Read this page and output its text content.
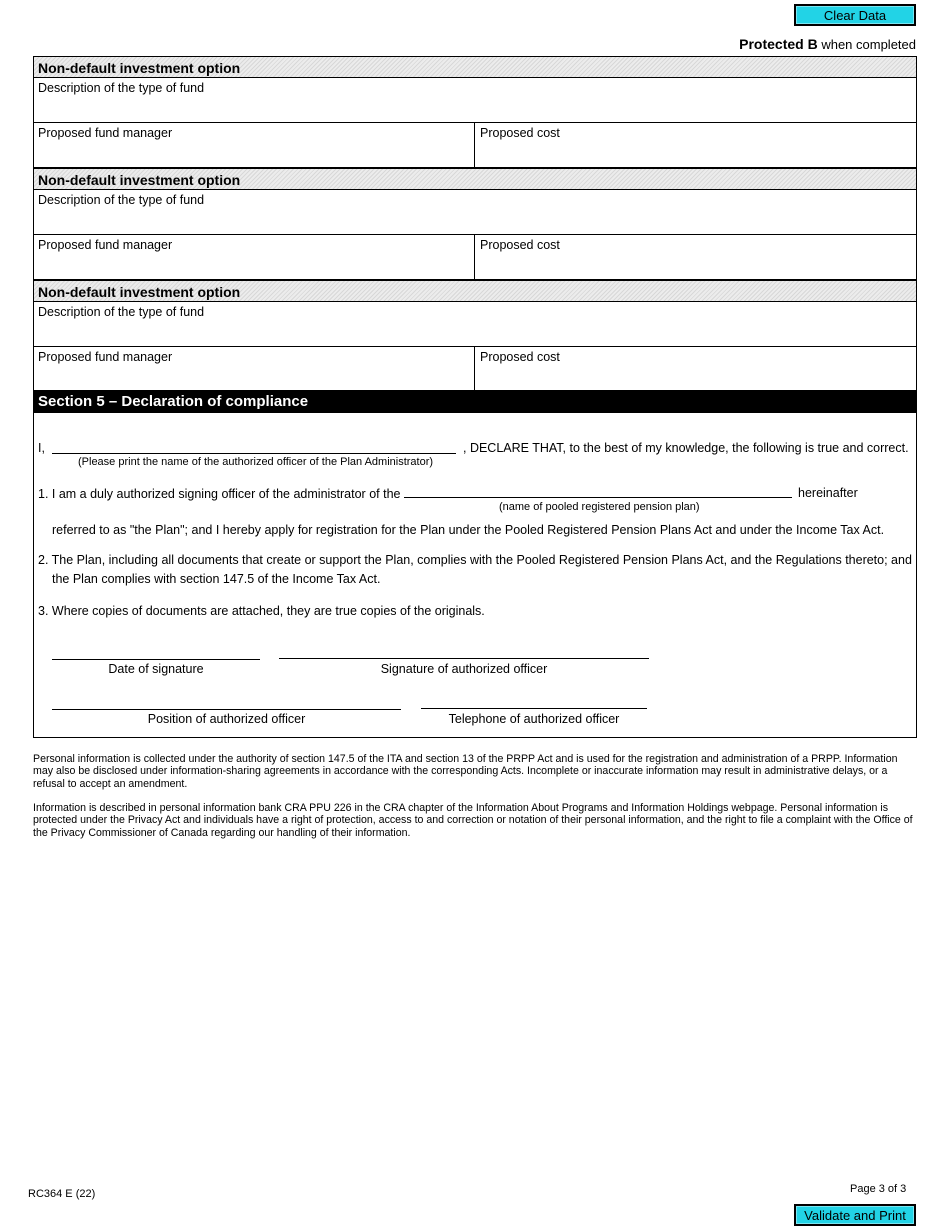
Clear Data
Protected B when completed
Non-default investment option
Description of the type of fund
Proposed fund manager	Proposed cost
Non-default investment option
Description of the type of fund
Proposed fund manager	Proposed cost
Non-default investment option
Description of the type of fund
Proposed fund manager	Proposed cost
Section 5 – Declaration of compliance
I,	, DECLARE THAT, to the best of my knowledge, the following is true and correct.
(Please print the name of the authorized officer of the Plan Administrator)
1. I am a duly authorized signing officer of the administrator of the	hereinafter
(name of pooled registered pension plan)
referred to as "the Plan"; and I hereby apply for registration for the Plan under the Pooled Registered Pension Plans Act and under the Income Tax Act.
2. The Plan, including all documents that create or support the Plan, complies with the Pooled Registered Pension Plans Act, and the Regulations thereto; and
the Plan complies with section 147.5 of the Income Tax Act.
3. Where copies of documents are attached, they are true copies of the originals.
Date of signature	Signature of authorized officer
Position of authorized officer	Telephone of authorized officer
Personal information is collected under the authority of section 147.5 of the ITA and section 13 of the PRPP Act and is used for the registration and administration of a PRPP. Information may also be disclosed under information-sharing agreements in accordance with the corresponding Acts. Incomplete or inaccurate information may result in administrative delays, or a refusal to accept an amendment.
Information is described in personal information bank CRA PPU 226 in the CRA chapter of the Information About Programs and Information Holdings webpage. Personal information is protected under the Privacy Act and individuals have a right of protection, access to and correction or notation of their personal information, and the right to file a complaint with the Office of the Privacy Commissioner of Canada regarding our handling of their information.
RC364 E (22)	Page 3 of 3
Validate and Print
